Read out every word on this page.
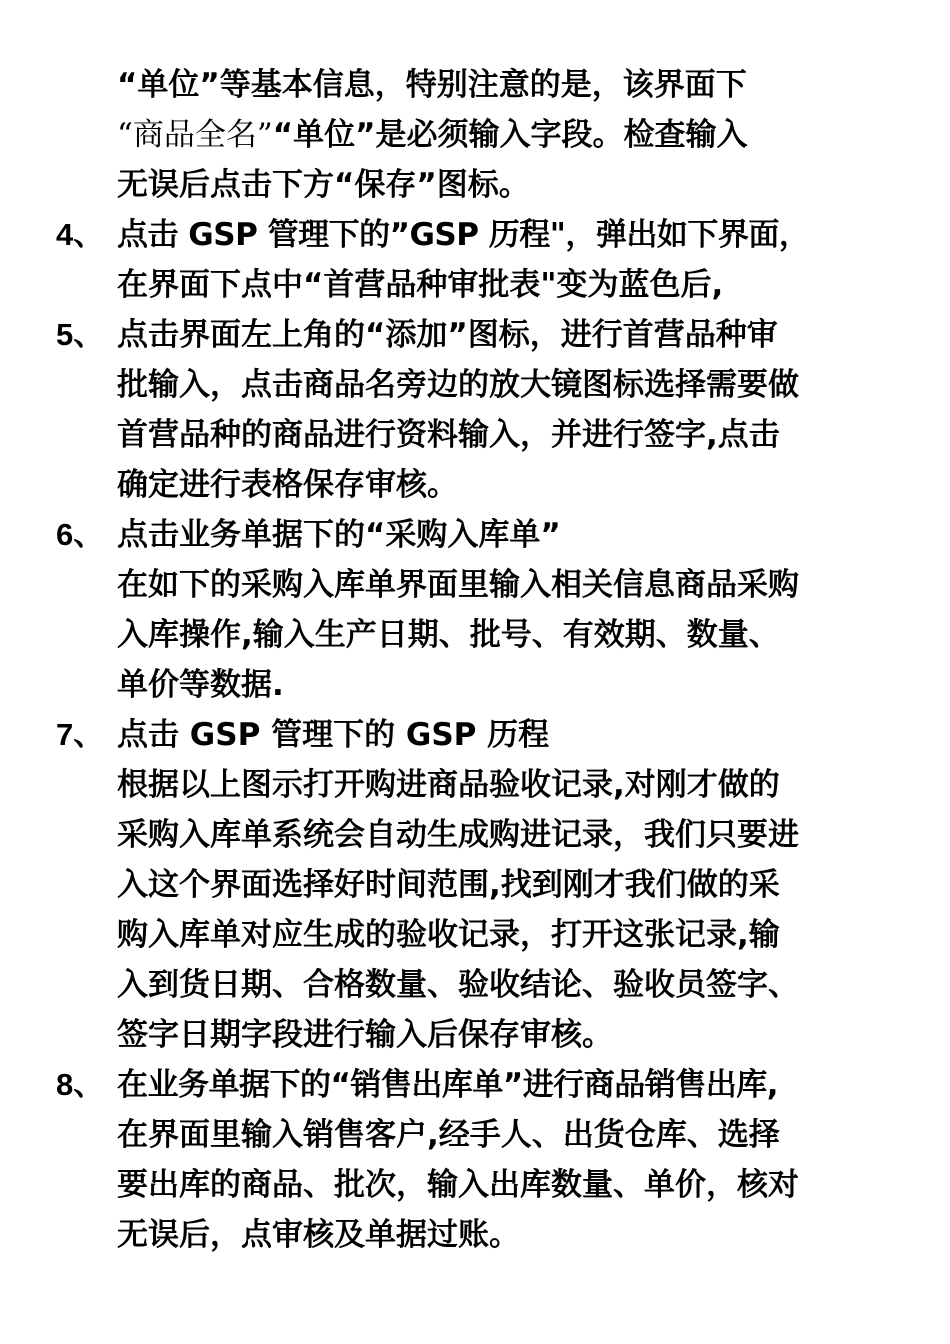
“单位”等基本信息，特别注意的是，该界面下
“商品全名”“单位”是必须输入字段。检查输入
无误后点击下方“保存”图标。
4、 点击 GSP 管理下的”GSP 历程"，弹出如下界面，
在界面下点中“首营品种审批表"变为蓝色后,
5、 点击界面左上角的“添加”图标，进行首营品种审
批输入，点击商品名旁边的放大镜图标选择需要做
首营品种的商品进行资料输入，并进行签字,点击
确定进行表格保存审核。
6、 点击业务单据下的“采购入库单”
在如下的采购入库单界面里输入相关信息商品采购
入库操作,输入生产日期、批号、有效期、数量、
单价等数据.
7、 点击 GSP 管理下的 GSP 历程
根据以上图示打开购进商品验收记录,对刚才做的
采购入库单系统会自动生成购进记录，我们只要进
入这个界面选择好时间范围,找到刚才我们做的采
购入库单对应生成的验收记录，打开这张记录,输
入到货日期、合格数量、验收结论、验收员签字、
签字日期字段进行输入后保存审核。
8、 在业务单据下的“销售出库单”进行商品销售出库,
在界面里输入销售客户,经手人、出货仓库、选择
要出库的商品、批次，输入出库数量、单价，核对
无误后，点审核及单据过账。
